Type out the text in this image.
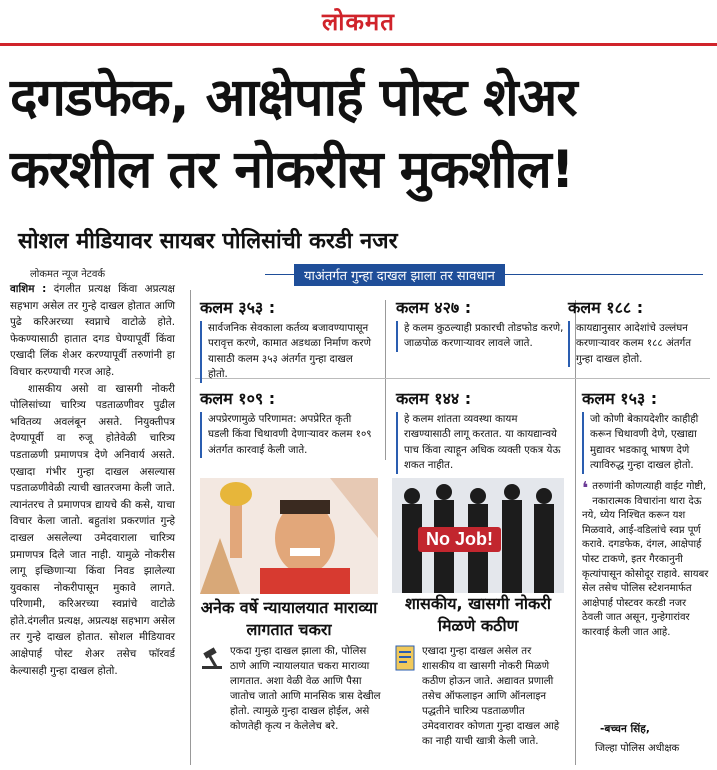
लोकमत
दगडफेक, आक्षेपार्ह पोस्ट शेअर
करशील तर नोकरीस मुकशील!
सोशल मीडियावर सायबर पोलिसांची करडी नजर
लोकमत न्यूज नेटवर्क

वाशिम : दंगलीत प्रत्यक्ष किंवा अप्रत्यक्ष सहभाग असेल तर गुन्हे दाखल होतात आणि पुढे करिअरच्या स्वप्नाचे वाटोळे होते. फेकण्यासाठी हातात दगड घेण्यापूर्वी किंवा एखादी लिंक शेअर करण्यापूर्वी तरुणांनी हा विचार करण्याची गरज आहे.

शासकीय असो वा खासगी नोकरी पोलिसांच्या चारित्र्य पडताळणीवर पुढील भवितव्य अवलंबून असते. नियुक्तीपत्र देण्यापूर्वी वा रुजू होतेवेळी चारित्र्य पडताळणी प्रमाणपत्र देणे अनिवार्य असते. एखादा गंभीर गुन्हा दाखल असल्यास पडताळणीवेळी त्याची खातरजमा केली जाते. त्यानंतरच ते प्रमाणपत्र द्यायचे की कसे, याचा विचार केला जातो. बहुतांश प्रकरणांत गुन्हे दाखल असलेल्या उमेदवाराला चारित्र्य प्रमाणपत्र दिले जात नाही. यामुळे नोकरीस लागू इच्छिणाऱ्या किंवा निवड झालेल्या युवकास नोकरीपासून मुकावे लागते. परिणामी, करिअरच्या स्वप्नांचे वाटोळे होते.दंगलीत प्रत्यक्ष, अप्रत्यक्ष सहभाग असेल तर गुन्हे दाखल होतात. सोशल मीडियावर आक्षेपार्ह पोस्ट शेअर तसेच फॉरवर्ड केल्यासही गुन्हा दाखल होतो.

याअंतर्गत गुन्हा दाखल झाला तर सावधान
कलम ३५३ :
सार्वजनिक सेवकाला कर्तव्य बजावण्यापासून परावृत्त करणे, कामात अडथळा निर्माण करणे यासाठी कलम ३५३ अंतर्गत गुन्हा दाखल होतो.
कलम ४२७ :
हे कलम कुठल्याही प्रकारची तोडफोड करणे, जाळपोळ करणाऱ्यावर लावले जाते.
कलम १८८ :
कायद्यानुसार आदेशांचे उल्लंघन करणाऱ्यावर कलम १८८ अंतर्गत गुन्हा दाखल होतो.
कलम १०९ :
अपप्रेरणामुळे परिणामत: अपप्रेरित कृती घडली किंवा चिथावणी देणाऱ्यावर कलम १०९ अंतर्गत कारवाई केली जाते.
कलम १४४ :
हे कलम शांतता व्यवस्था कायम राखण्यासाठी लागू करतात. या कायद्यान्वये पाच किंवा त्याहून अधिक व्यक्ती एकत्र येऊ शकत नाहीत.
कलम १५३ :
जो कोणी बेकायदेशीर काहीही करून चिथावणी देणे, एखाद्या मुद्यावर भडकावू भाषण देणे त्याविरुद्ध गुन्हा दाखल होतो.
No Job!
अनेक वर्षे न्यायालयात माराव्या लागतात चकरा
शासकीय, खासगी नोकरी मिळणे कठीण
एकदा गुन्हा दाखल झाला की, पोलिस ठाणे आणि न्यायालयात चकरा माराव्या लागतात. अशा वेळी वेळ आणि पैसा जातोच जातो आणि मानसिक त्रास देखील होतो. त्यामुळे गुन्हा दाखल होईल, असे कोणतेही कृत्य न केलेलेच बरे.
एखादा गुन्हा दाखल असेल तर शासकीय वा खासगी नोकरी मिळणे कठीण होऊन जाते. अद्यावत प्रणाली तसेच ऑफलाइन आणि ऑनलाइन पद्धतीने चारित्र्य पडताळणीत उमेदवारावर कोणता गुन्हा दाखल आहे का नाही याची खात्री केली जाते.
❛ तरुणांनी कोणत्याही वाईट गोष्टी, नकारात्मक विचारांना थारा देऊ नये, ध्येय निश्चित करून यश मिळवावे, आई-वडिलांचे स्वप्न पूर्ण करावे. दगडफेक, दंगल, आक्षेपार्ह पोस्ट टाकणे, इतर गैरकानुनी कृत्यांपासून कोसोदूर राहावे. सायबर सेल तसेच पोलिस स्टेशनमार्फत आक्षेपार्ह पोस्टवर करडी नजर ठेवली जात असून, गुन्हेगारांवर कारवाई केली जात आहे.
-बच्चन सिंह,
जिल्हा पोलिस अधीक्षक
